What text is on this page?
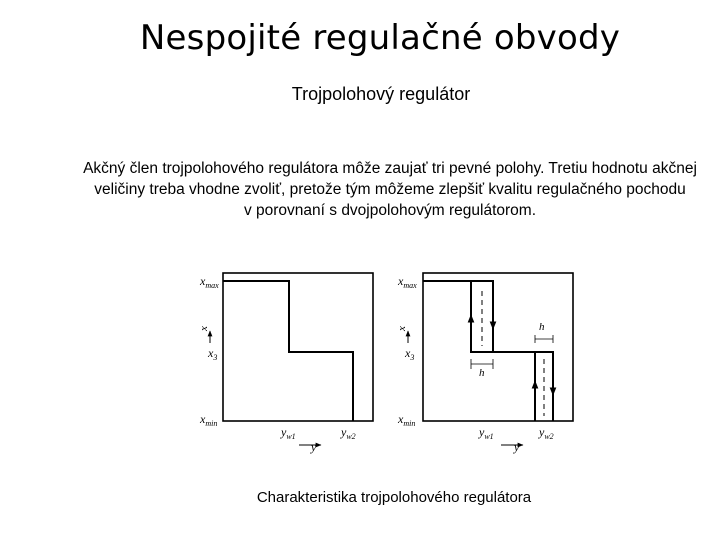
Nespojité regulačné obvody
Trojpolohový regulátor
Akčný člen trojpolohového regulátora môže zaujať tri pevné polohy. Tretiu hodnotu akčnej
veličiny treba vhodne zvoliť, pretože tým môžeme zlepšiť kvalitu regulačného pochodu
v porovnaní s dvojpolohovým regulátorom.
$x_{max}$
x
$x_3$
$x_{min}$
$y_{w1}$	$y_{w2}$
y
h
h
$x_{max}$
x
$x_3$
$x_{min}$
$y_{w1}$	$y_{w2}$
y
Charakteristika trojpolohového regulátora
